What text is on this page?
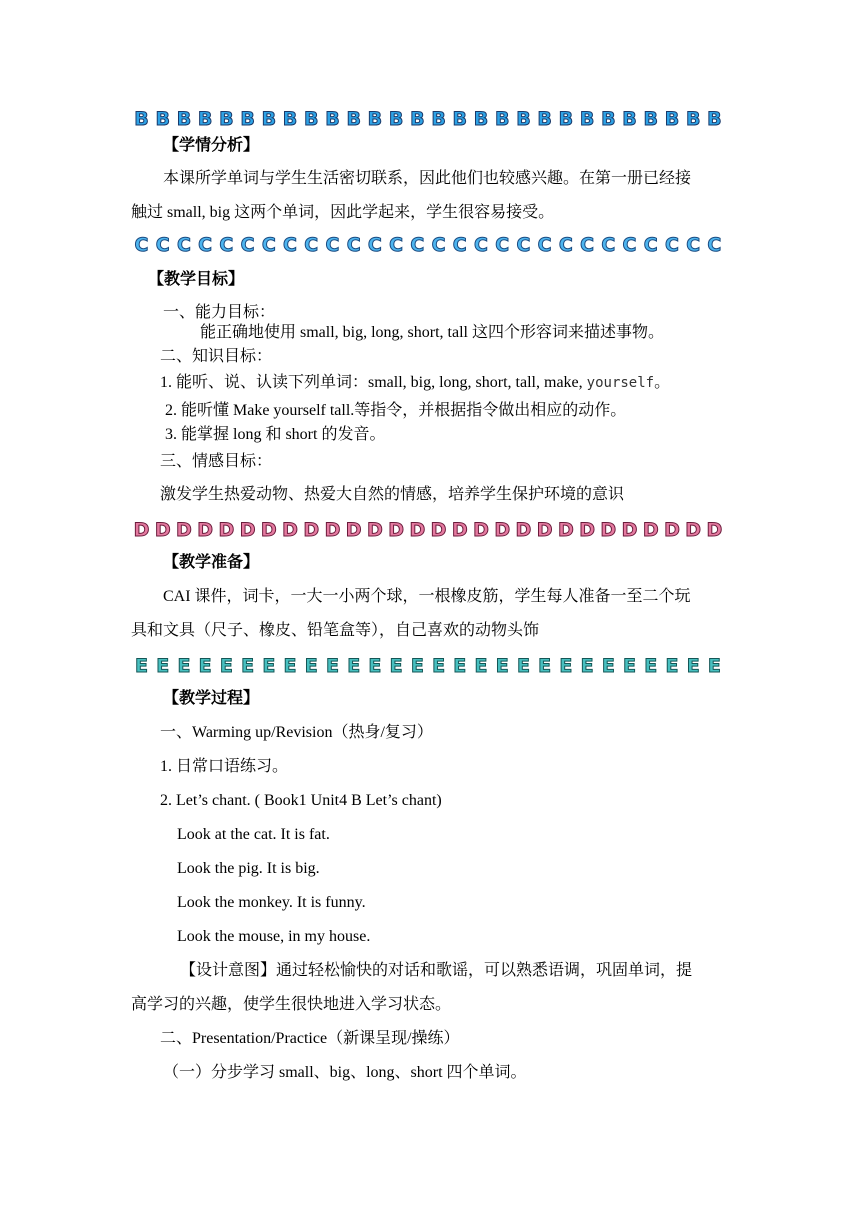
B B B B B B B B B B B B B B B B B B B B B B B B B B B B
【学情分析】
本课所学单词与学生生活密切联系，因此他们也较感兴趣。在第一册已经接
触过 small, big 这两个单词，因此学起来，学生很容易接受。
C C C C C C C C C C C C C C C C C C C C C C C C C C C C
【教学目标】
一、能力目标：
能正确地使用 small, big, long, short, tall 这四个形容词来描述事物。
二、知识目标：
1. 能听、说、认读下列单词：small, big, long, short, tall, make, yourself。
2. 能听懂 Make yourself tall.等指令，并根据指令做出相应的动作。
3. 能掌握 long 和 short 的发音。
三、情感目标：
激发学生热爱动物、热爱大自然的情感，培养学生保护环境的意识
D D D D D D D D D D D D D D D D D D D D D D D D D D D D
【教学准备】
CAI 课件，词卡，一大一小两个球，一根橡皮筋，学生每人准备一至二个玩
具和文具（尺子、橡皮、铅笔盒等），自己喜欢的动物头饰
E E E E E E E E E E E E E E E E E E E E E E E E E E E E
【教学过程】
一、Warming up/Revision（热身/复习）
1. 日常口语练习。
2. Let’s chant. ( Book1 Unit4 B Let’s chant)
Look at the cat. It is fat.
Look the pig. It is big.
Look the monkey. It is funny.
Look the mouse, in my house.
【设计意图】通过轻松愉快的对话和歌谣，可以熟悉语调，巩固单词，提
高学习的兴趣，使学生很快地进入学习状态。
二、Presentation/Practice（新课呈现/操练）
（一）分步学习 small、big、long、short 四个单词。
